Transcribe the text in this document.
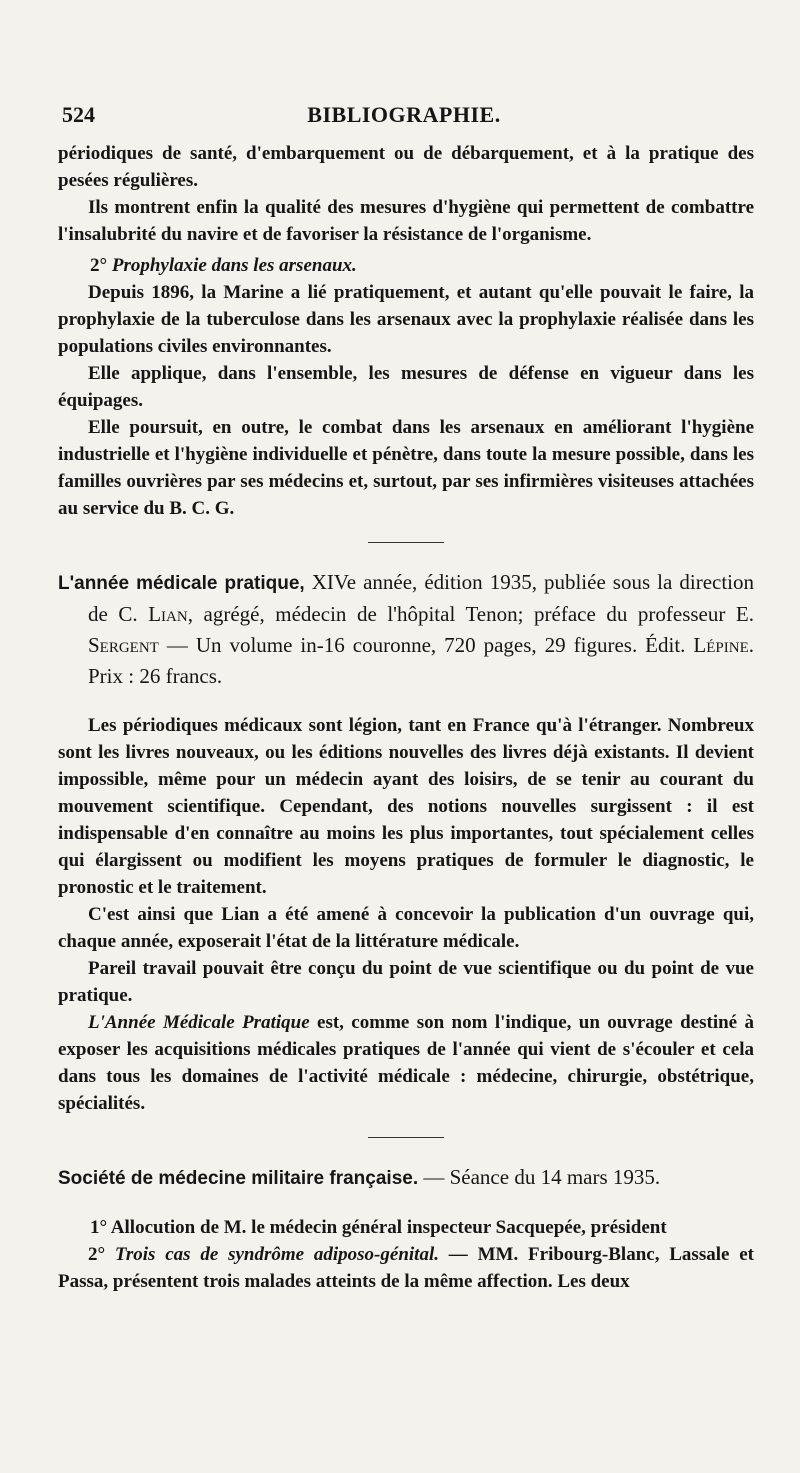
524	BIBLIOGRAPHIE.

périodiques de santé, d'embarquement ou de débarquement, et à la pratique des pesées régulières.

Ils montrent enfin la qualité des mesures d'hygiène qui permettent de combattre l'insalubrité du navire et de favoriser la résistance de l'organisme.

2° Prophylaxie dans les arsenaux.

Depuis 1896, la Marine a lié pratiquement, et autant qu'elle pouvait le faire, la prophylaxie de la tuberculose dans les arsenaux avec la prophylaxie réalisée dans les populations civiles environnantes.

Elle applique, dans l'ensemble, les mesures de défense en vigueur dans les équipages.

Elle poursuit, en outre, le combat dans les arsenaux en améliorant l'hygiène industrielle et l'hygiène individuelle et pénètre, dans toute la mesure possible, dans les familles ouvrières par ses médecins et, surtout, par ses infirmières visiteuses attachées au service du B. C. G.

L'année médicale pratique, XIVe année, édition 1935, publiée sous la direction de C. Lian, agrégé, médecin de l'hôpital Tenon; préface du professeur E. Sergent — Un volume in-16 couronne, 720 pages, 29 figures. Édit. Lépine. Prix : 26 francs.

Les périodiques médicaux sont légion, tant en France qu'à l'étranger. Nombreux sont les livres nouveaux, ou les éditions nouvelles des livres déjà existants. Il devient impossible, même pour un médecin ayant des loisirs, de se tenir au courant du mouvement scientifique. Cependant, des notions nouvelles surgissent : il est indispensable d'en connaître au moins les plus importantes, tout spécialement celles qui élargissent ou modifient les moyens pratiques de formuler le diagnostic, le pronostic et le traitement.

C'est ainsi que Lian a été amené à concevoir la publication d'un ouvrage qui, chaque année, exposerait l'état de la littérature médicale.

Pareil travail pouvait être conçu du point de vue scientifique ou du point de vue pratique.

L'Année Médicale Pratique est, comme son nom l'indique, un ouvrage destiné à exposer les acquisitions médicales pratiques de l'année qui vient de s'écouler et cela dans tous les domaines de l'activité médicale : médecine, chirurgie, obstétrique, spécialités.

Société de médecine militaire française. — Séance du 14 mars 1935.

1° Allocution de M. le médecin général inspecteur Sacquepée, président

2° Trois cas de syndrôme adiposo-génital. — MM. Fribourg-Blanc, Lassale et Passa, présentent trois malades atteints de la même affection. Les deux
